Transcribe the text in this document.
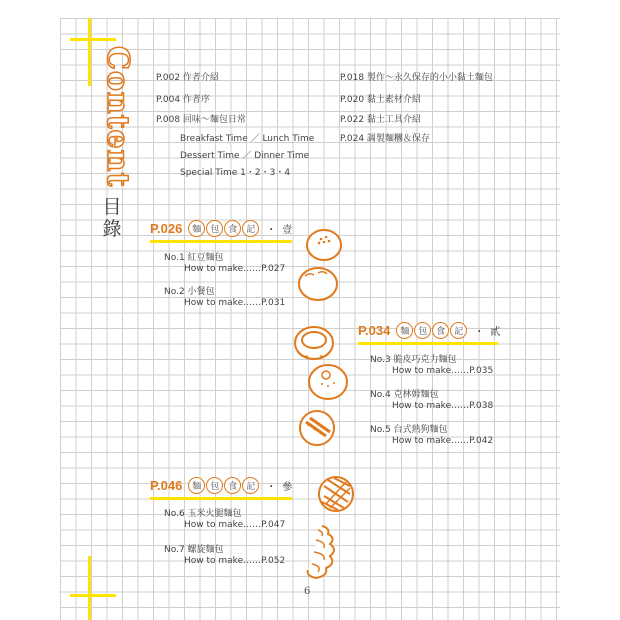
Content
目
錄
P.002 作者介紹
P.004 作者序
P.008 回味～麵包日常
Breakfast Time ／ Lunch Time
Dessert Time ／ Dinner Time
Special Time 1・2・3・4
P.018 製作～永久保存的小小黏土麵包
P.020 黏土素材介紹
P.022 黏土工具介紹
P.024 調製麵糰＆保存
P.026	麵 包 食 記	・ 壹
No.1 紅豆麵包
How to make……P.027
No.2 小餐包
How to make……P.031
P.034	麵 包 食 記	・ 貳
No.3 脆皮巧克力麵包
How to make……P.035
No.4 克林姆麵包
How to make……P.038
No.5 台式熱狗麵包
How to make……P.042
P.046	麵 包 食 記	・ 參
No.6 玉米火腿麵包
How to make……P.047
No.7 螺旋麵包
How to make……P.052
6
